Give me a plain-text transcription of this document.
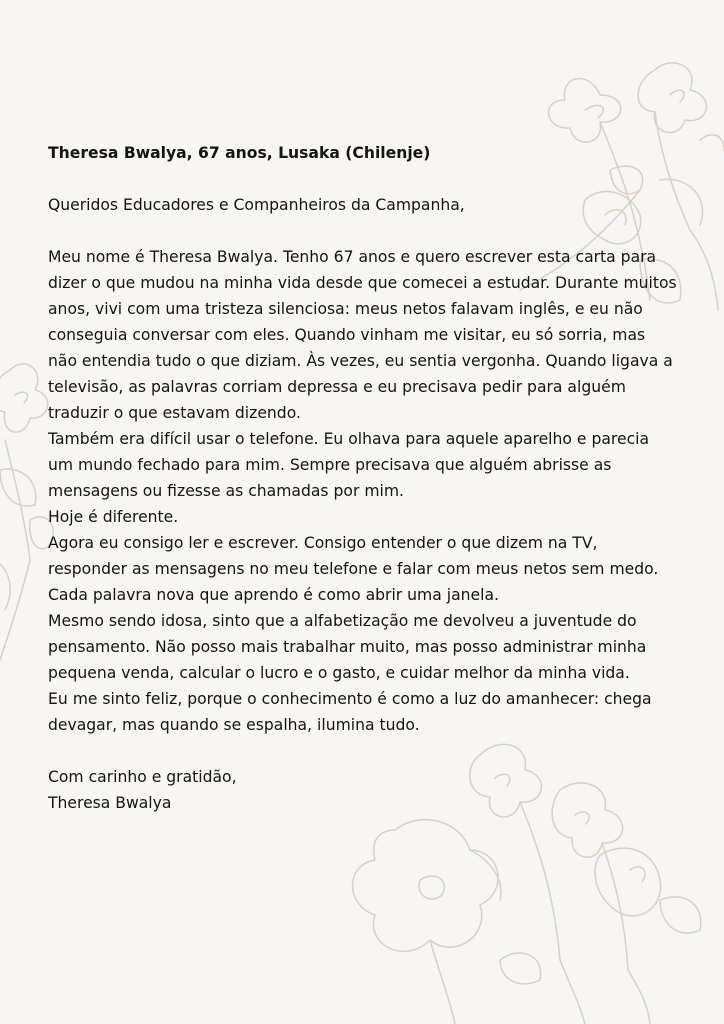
Theresa Bwalya, 67 anos, Lusaka (Chilenje)

Queridos Educadores e Companheiros da Campanha,

Meu nome é Theresa Bwalya. Tenho 67 anos e quero escrever esta carta para dizer o que mudou na minha vida desde que comecei a estudar. Durante muitos anos, vivi com uma tristeza silenciosa: meus netos falavam inglês, e eu não conseguia conversar com eles. Quando vinham me visitar, eu só sorria, mas não entendia tudo o que diziam. Às vezes, eu sentia vergonha. Quando ligava a televisão, as palavras corriam depressa e eu precisava pedir para alguém traduzir o que estavam dizendo.

Também era difícil usar o telefone. Eu olhava para aquele aparelho e parecia um mundo fechado para mim. Sempre precisava que alguém abrisse as mensagens ou fizesse as chamadas por mim.

Hoje é diferente.

Agora eu consigo ler e escrever. Consigo entender o que dizem na TV, responder as mensagens no meu telefone e falar com meus netos sem medo. Cada palavra nova que aprendo é como abrir uma janela.

Mesmo sendo idosa, sinto que a alfabetização me devolveu a juventude do pensamento. Não posso mais trabalhar muito, mas posso administrar minha pequena venda, calcular o lucro e o gasto, e cuidar melhor da minha vida.

Eu me sinto feliz, porque o conhecimento é como a luz do amanhecer: chega devagar, mas quando se espalha, ilumina tudo.

Com carinho e gratidão,

Theresa Bwalya
